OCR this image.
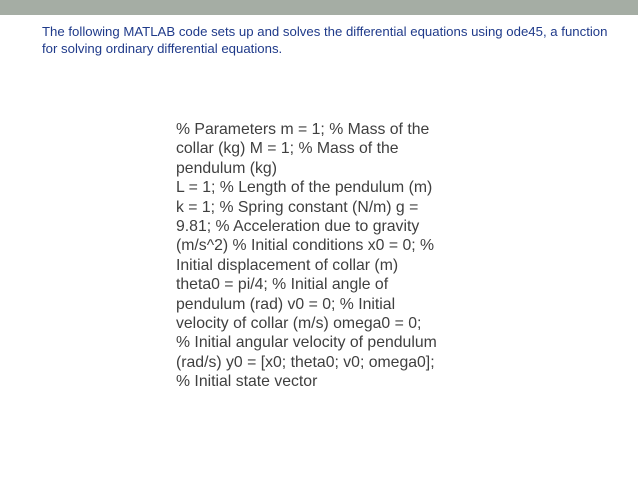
The following MATLAB code sets up and solves the differential equations using ode45, a function for solving ordinary differential equations.

% Parameters m = 1; % Mass of the
collar (kg) M = 1; % Mass of the
pendulum (kg)
L = 1; % Length of the pendulum (m)
k = 1; % Spring constant (N/m) g =
9.81; % Acceleration due to gravity
(m/s^2) % Initial conditions x0 = 0; %
Initial displacement of collar (m)
theta0 = pi/4; % Initial angle of
pendulum (rad) v0 = 0; % Initial
velocity of collar (m/s) omega0 = 0;
% Initial angular velocity of pendulum
(rad/s) y0 = [x0; theta0; v0; omega0];
% Initial state vector
